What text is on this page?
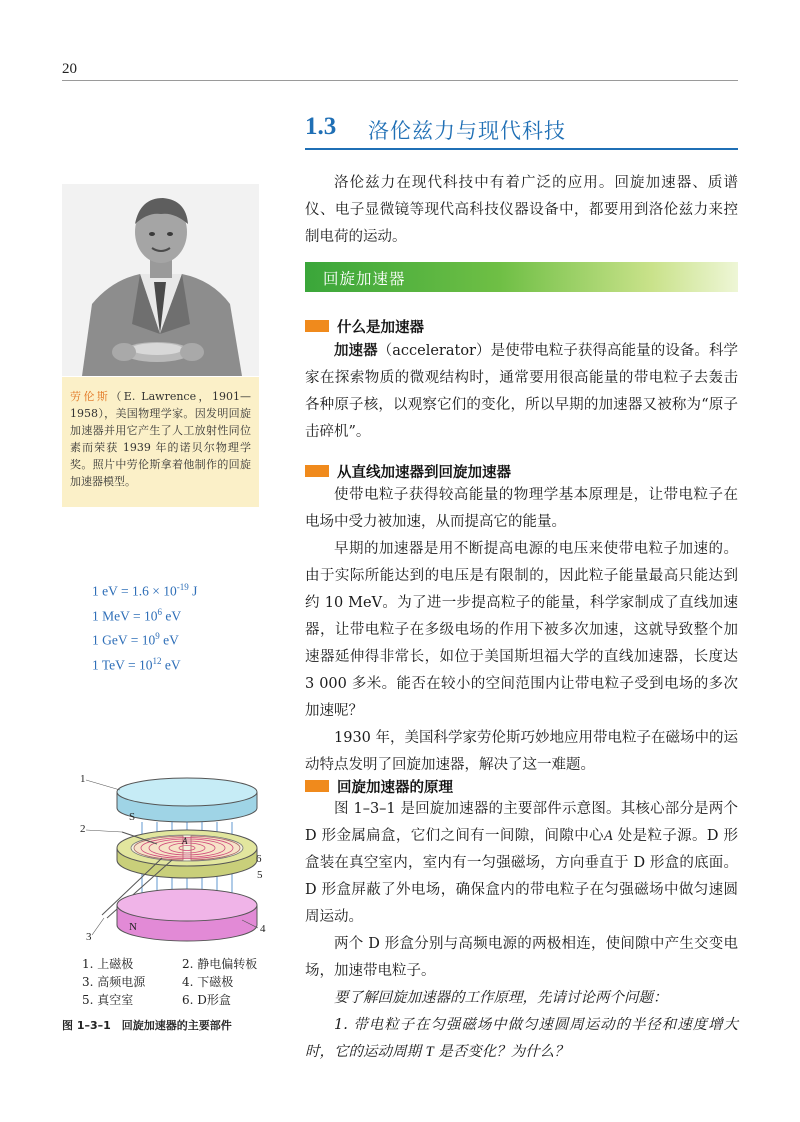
20
1.3 洛伦兹力与现代科技

洛伦兹力在现代科技中有着广泛的应用。回旋加速器、质谱仪、电子显微镜等现代高科技仪器设备中，都要用到洛伦兹力来控制电荷的运动。

回旋加速器
什么是加速器

加速器（accelerator）是使带电粒子获得高能量的设备。科学家在探索物质的微观结构时，通常要用很高能量的带电粒子去轰击各种原子核，以观察它们的变化，所以早期的加速器又被称为“原子击碎机”。

从直线加速器到回旋加速器

使带电粒子获得较高能量的物理学基本原理是，让带电粒子在电场中受力被加速，从而提高它的能量。

早期的加速器是用不断提高电源的电压来使带电粒子加速的。由于实际所能达到的电压是有限制的，因此粒子能量最高只能达到约 10 MeV。为了进一步提高粒子的能量，科学家制成了直线加速器，让带电粒子在多级电场的作用下被多次加速，这就导致整个加速器延伸得非常长，如位于美国斯坦福大学的直线加速器，长度达 3 000 多米。能否在较小的空间范围内让带电粒子受到电场的多次加速呢？

1930 年，美国科学家劳伦斯巧妙地应用带电粒子在磁场中的运动特点发明了回旋加速器，解决了这一难题。

回旋加速器的原理

图 1–3–1 是回旋加速器的主要部件示意图。其核心部分是两个 D 形金属扁盒，它们之间有一间隙，间隙中心A 处是粒子源。D 形盒装在真空室内，室内有一匀强磁场，方向垂直于 D 形盒的底面。D 形盒屏蔽了外电场，确保盒内的带电粒子在匀强磁场中做匀速圆周运动。

两个 D 形盒分别与高频电源的两极相连，使间隙中产生交变电场，加速带电粒子。

要了解回旋加速器的工作原理，先请讨论两个问题：

1. 带电粒子在匀强磁场中做匀速圆周运动的半径和速度增大时，它的运动周期 T 是否变化？为什么？

劳伦斯（E. Lawrence，1901—1958），美国物理学家。因发明回旋加速器并用它产生了人工放射性同位素而荣获 1939 年的诺贝尔物理学奖。照片中劳伦斯拿着他制作的回旋加速器模型。
1 eV = $1.6 \times 10^{-19}$ J
1 MeV = $10^6$ eV
1 GeV = $10^9$ eV
1 TeV = $10^{12}$ eV
1
2
3
4
5
6
S
N
A
1. 上磁极	2. 静电偏转板
3. 高频电源	4. 下磁极
5. 真空室	6. D形盒
图 1–3–1　回旋加速器的主要部件
